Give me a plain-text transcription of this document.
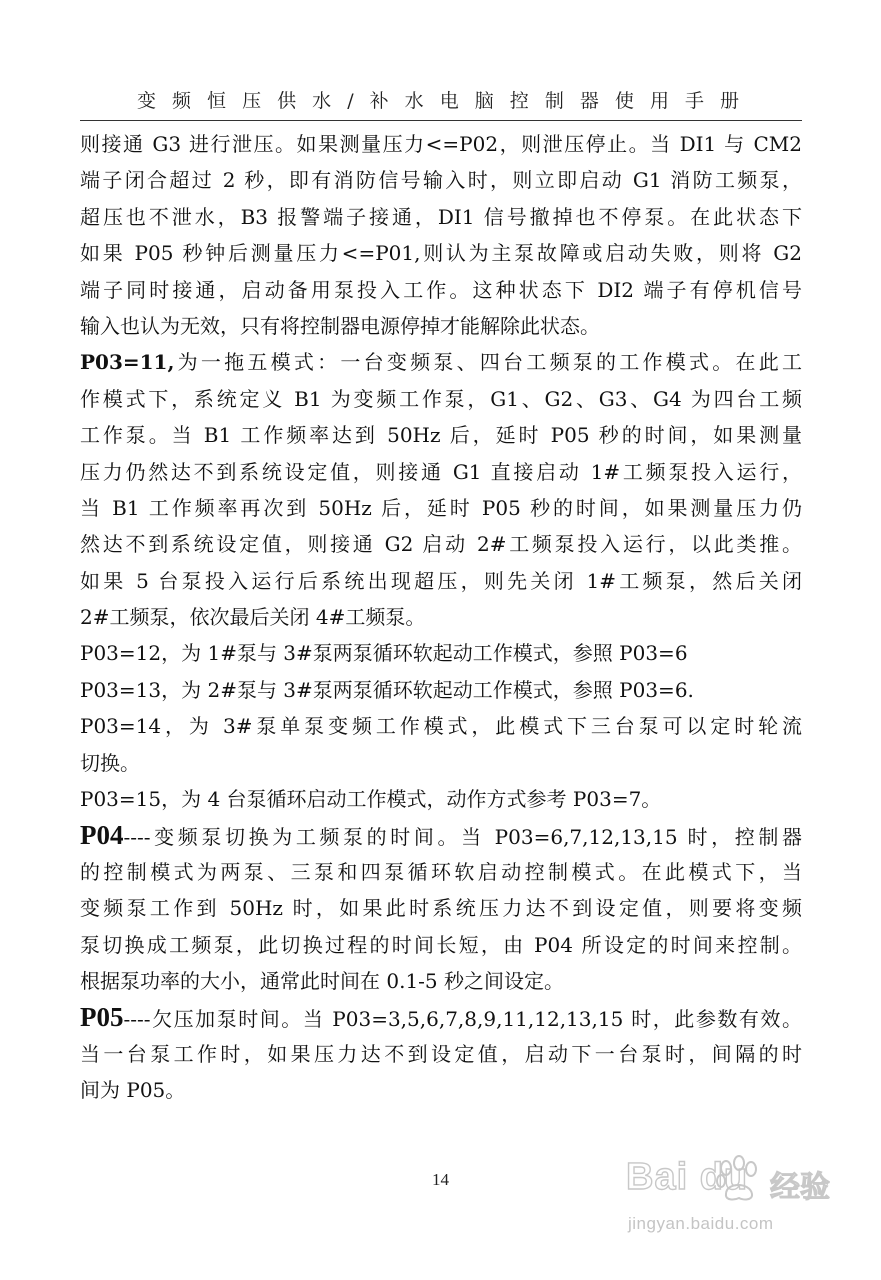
变 频 恒 压 供 水 / 补 水 电 脑 控 制 器 使 用 手 册
则接通 G3 进行泄压。如果测量压力<=P02，则泄压停止。当 DI1 与 CM2
端子闭合超过 2 秒，即有消防信号输入时，则立即启动 G1 消防工频泵，
超压也不泄水，B3 报警端子接通，DI1 信号撤掉也不停泵。在此状态下
如果 P05 秒钟后测量压力<=P01,则认为主泵故障或启动失败，则将 G2
端子同时接通，启动备用泵投入工作。这种状态下 DI2 端子有停机信号
输入也认为无效，只有将控制器电源停掉才能解除此状态。
P03=11,为一拖五模式：一台变频泵、四台工频泵的工作模式。在此工
作模式下，系统定义 B1 为变频工作泵，G1、G2、G3、G4 为四台工频
工作泵。当 B1 工作频率达到 50Hz 后，延时 P05 秒的时间，如果测量
压力仍然达不到系统设定值，则接通 G1 直接启动 1#工频泵投入运行，
当 B1 工作频率再次到 50Hz 后，延时 P05 秒的时间，如果测量压力仍
然达不到系统设定值，则接通 G2 启动 2#工频泵投入运行，以此类推。
如果 5 台泵投入运行后系统出现超压，则先关闭 1#工频泵，然后关闭
2#工频泵，依次最后关闭 4#工频泵。
P03=12，为 1#泵与 3#泵两泵循环软起动工作模式，参照 P03=6
P03=13，为 2#泵与 3#泵两泵循环软起动工作模式，参照 P03=6.
P03=14，为 3#泵单泵变频工作模式，此模式下三台泵可以定时轮流
切换。
P03=15，为 4 台泵循环启动工作模式，动作方式参考 P03=7。
P04----变频泵切换为工频泵的时间。当 P03=6,7,12,13,15 时，控制器
的控制模式为两泵、三泵和四泵循环软启动控制模式。在此模式下，当
变频泵工作到 50Hz 时，如果此时系统压力达不到设定值，则要将变频
泵切换成工频泵，此切换过程的时间长短，由 P04 所设定的时间来控制。
根据泵功率的大小，通常此时间在 0.1-5 秒之间设定。
P05----欠压加泵时间。当 P03=3,5,6,7,8,9,11,12,13,15 时，此参数有效。
当一台泵工作时，如果压力达不到设定值，启动下一台泵时，间隔的时
间为 P05。
14	Bai du 经验
jingyan.baidu.com
